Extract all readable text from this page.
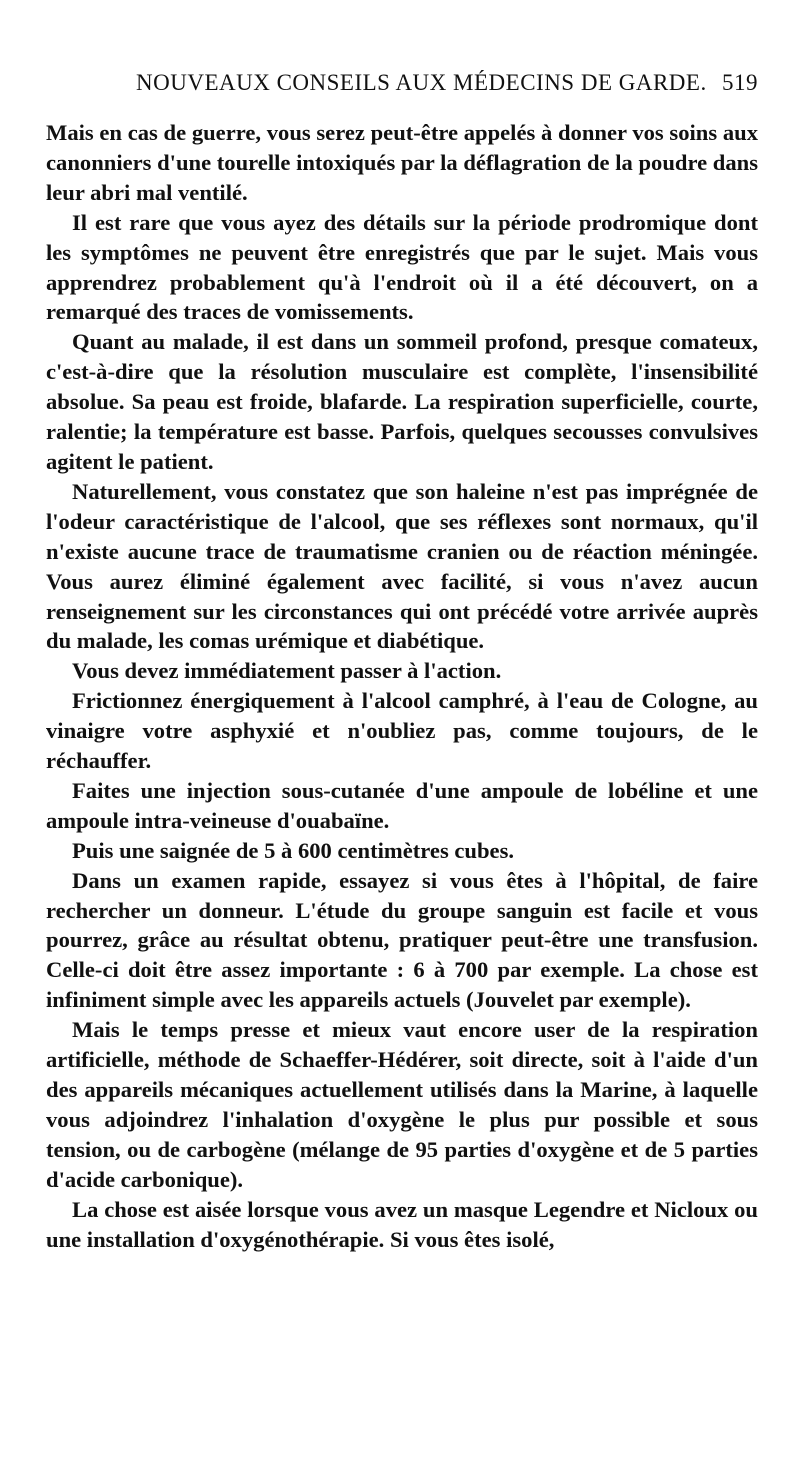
NOUVEAUX CONSEILS AUX MÉDECINS DE GARDE. 519

Mais en cas de guerre, vous serez peut-être appelés à donner vos soins aux canonniers d'une tourelle intoxiqués par la déflagration de la poudre dans leur abri mal ventilé.

Il est rare que vous ayez des détails sur la période prodromique dont les symptômes ne peuvent être enregistrés que par le sujet. Mais vous apprendrez probablement qu'à l'endroit où il a été découvert, on a remarqué des traces de vomissements.

Quant au malade, il est dans un sommeil profond, presque comateux, c'est-à-dire que la résolution musculaire est complète, l'insensibilité absolue. Sa peau est froide, blafarde. La respiration superficielle, courte, ralentie; la température est basse. Parfois, quelques secousses convulsives agitent le patient.

Naturellement, vous constatez que son haleine n'est pas imprégnée de l'odeur caractéristique de l'alcool, que ses réflexes sont normaux, qu'il n'existe aucune trace de traumatisme cranien ou de réaction méningée. Vous aurez éliminé également avec facilité, si vous n'avez aucun renseignement sur les circonstances qui ont précédé votre arrivée auprès du malade, les comas urémique et diabétique.

Vous devez immédiatement passer à l'action.

Frictionnez énergiquement à l'alcool camphré, à l'eau de Cologne, au vinaigre votre asphyxié et n'oubliez pas, comme toujours, de le réchauffer.

Faites une injection sous-cutanée d'une ampoule de lobéline et une ampoule intra-veineuse d'ouabaïne.

Puis une saignée de 5 à 600 centimètres cubes.

Dans un examen rapide, essayez si vous êtes à l'hôpital, de faire rechercher un donneur. L'étude du groupe sanguin est facile et vous pourrez, grâce au résultat obtenu, pratiquer peut-être une transfusion. Celle-ci doit être assez importante : 6 à 700 par exemple. La chose est infiniment simple avec les appareils actuels (Jouvelet par exemple).

Mais le temps presse et mieux vaut encore user de la respiration artificielle, méthode de Schaeffer-Hédérer, soit directe, soit à l'aide d'un des appareils mécaniques actuellement utilisés dans la Marine, à laquelle vous adjoindrez l'inhalation d'oxygène le plus pur possible et sous tension, ou de carbogène (mélange de 95 parties d'oxygène et de 5 parties d'acide carbonique).

La chose est aisée lorsque vous avez un masque Legendre et Nicloux ou une installation d'oxygénothérapie. Si vous êtes isolé,
